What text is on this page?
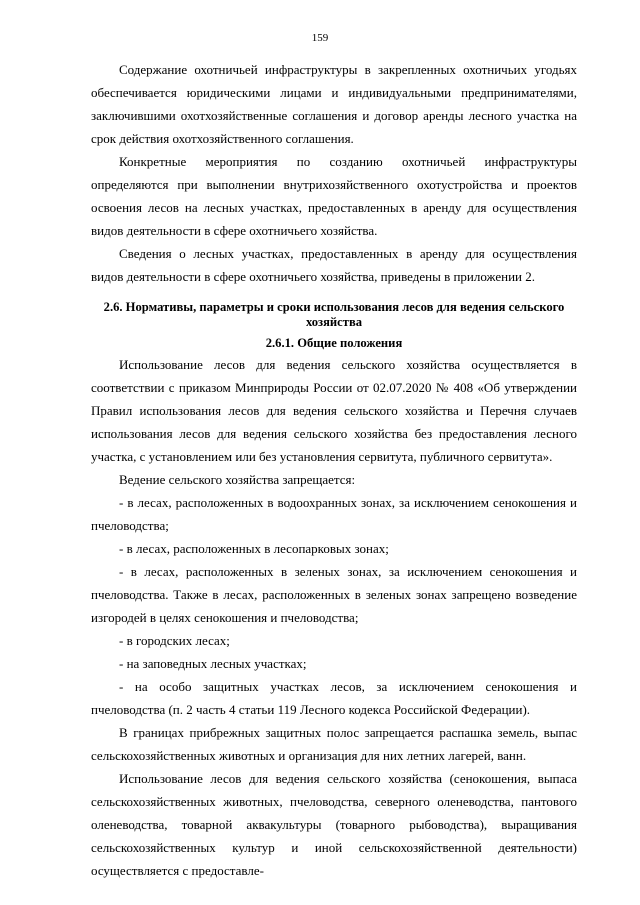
159

Содержание охотничьей инфраструктуры в закрепленных охотничьих угодьях обеспечивается юридическими лицами и индивидуальными предпринимателями, заключившими охотхозяйственные соглашения и договор аренды лесного участка на срок действия охотхозяйственного соглашения.

Конкретные мероприятия по созданию охотничьей инфраструктуры определяются при выполнении внутрихозяйственного охотустройства и проектов освоения лесов на лесных участках, предоставленных в аренду для осуществления видов деятельности в сфере охотничьего хозяйства.

Сведения о лесных участках, предоставленных в аренду для осуществления видов деятельности в сфере охотничьего хозяйства, приведены в приложении 2.

2.6. Нормативы, параметры и сроки использования лесов для ведения сельского хозяйства
2.6.1. Общие положения

Использование лесов для ведения сельского хозяйства осуществляется в соответствии с приказом Минприроды России от 02.07.2020 № 408 «Об утверждении Правил использования лесов для ведения сельского хозяйства и Перечня случаев использования лесов для ведения сельского хозяйства без предоставления лесного участка, с установлением или без установления сервитута, публичного сервитута».

Ведение сельского хозяйства запрещается:

- в лесах, расположенных в водоохранных зонах, за исключением сенокошения и пчеловодства;

- в лесах, расположенных в лесопарковых зонах;

- в лесах, расположенных в зеленых зонах, за исключением сенокошения и пчеловодства. Также в лесах, расположенных в зеленых зонах запрещено возведение изгородей в целях сенокошения и пчеловодства;

- в городских лесах;

- на заповедных лесных участках;

- на особо защитных участках лесов, за исключением сенокошения и пчеловодства (п. 2 часть 4 статьи 119 Лесного кодекса Российской Федерации).

В границах прибрежных защитных полос запрещается распашка земель, выпас сельскохозяйственных животных и организация для них летних лагерей, ванн.

Использование лесов для ведения сельского хозяйства (сенокошения, выпаса сельскохозяйственных животных, пчеловодства, северного оленеводства, пантового оленеводства, товарной аквакультуры (товарного рыбоводства), выращивания сельскохозяйственных культур и иной сельскохозяйственной деятельности) осуществляется с предоставле-
